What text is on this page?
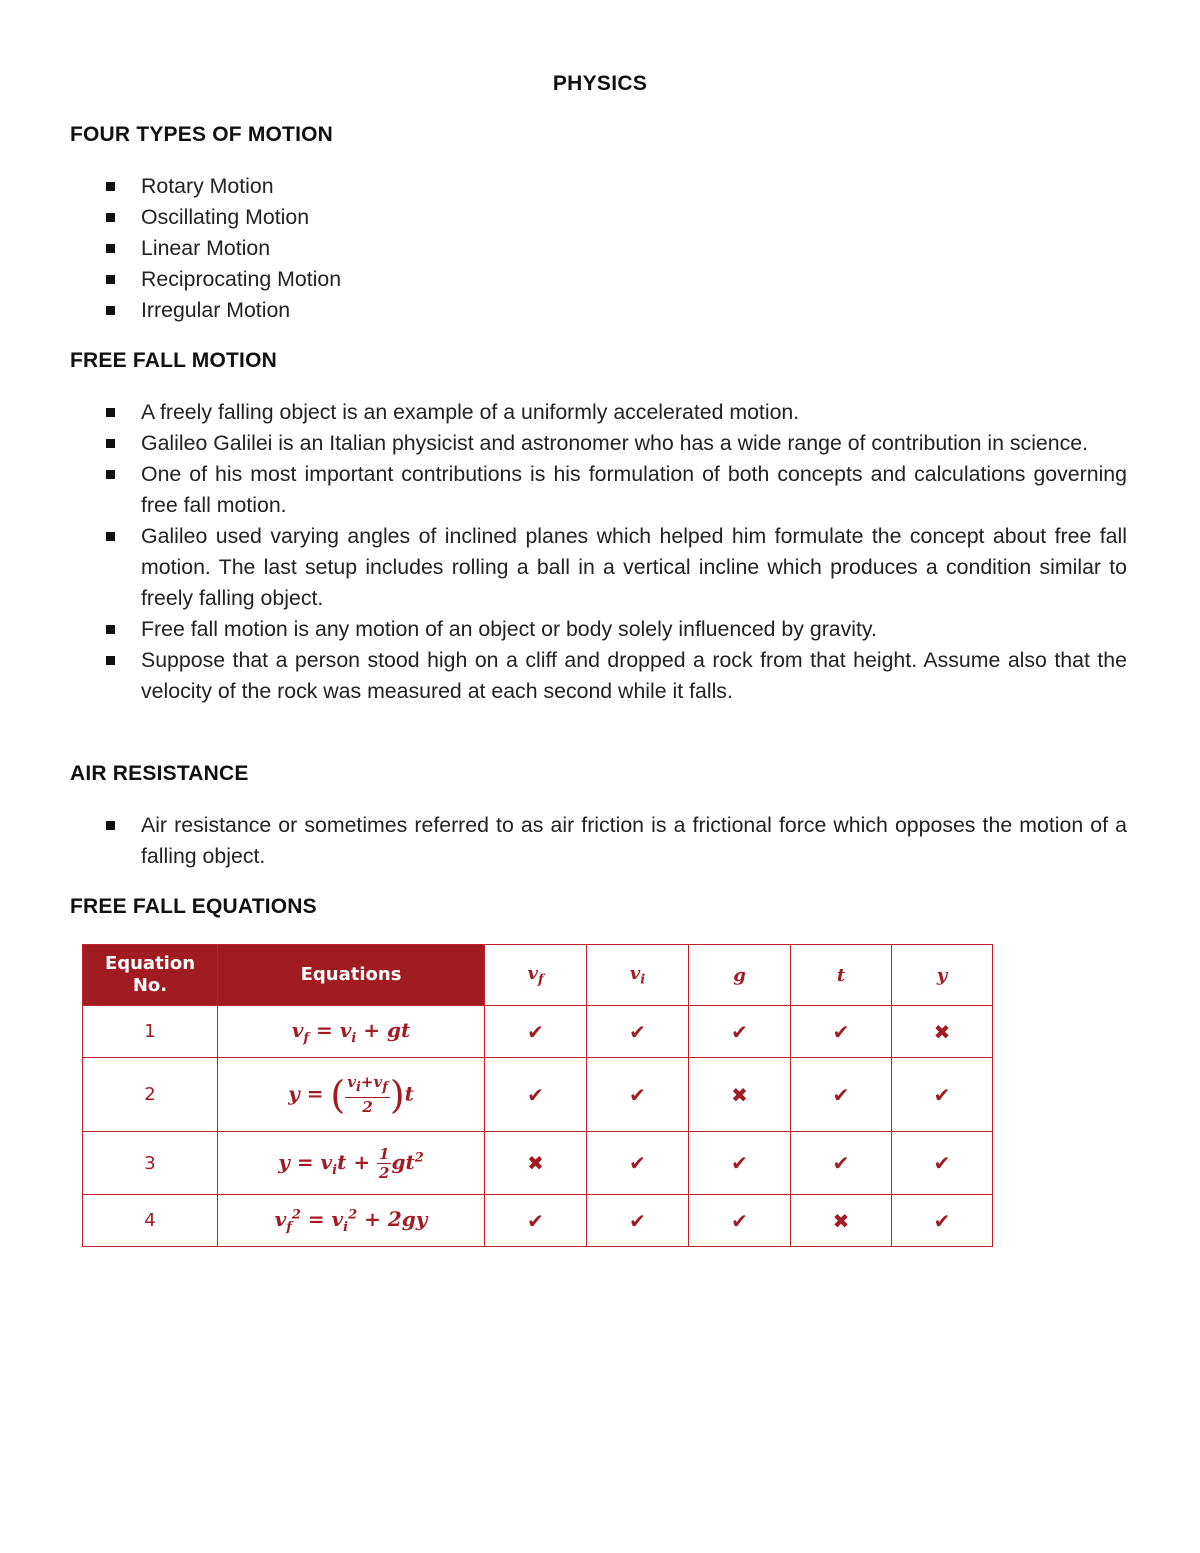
PHYSICS
FOUR TYPES OF MOTION
Rotary Motion
Oscillating Motion
Linear Motion
Reciprocating Motion
Irregular Motion
FREE FALL MOTION
A freely falling object is an example of a uniformly accelerated motion.
Galileo Galilei is an Italian physicist and astronomer who has a wide range of contribution in science.
One of his most important contributions is his formulation of both concepts and calculations governing free fall motion.
Galileo used varying angles of inclined planes which helped him formulate the concept about free fall motion. The last setup includes rolling a ball in a vertical incline which produces a condition similar to freely falling object.
Free fall motion is any motion of an object or body solely influenced by gravity.
Suppose that a person stood high on a cliff and dropped a rock from that height. Assume also that the velocity of the rock was measured at each second while it falls.
AIR RESISTANCE
Air resistance or sometimes referred to as air friction is a frictional force which opposes the motion of a falling object.
FREE FALL EQUATIONS
Equation
No.	Equations	$v_f$	$v_i$	g	t	y
1	$v_f = v_i$ + gt	✔	✔	✔	✔	✖
2	y = ( $\frac{v_i+v_f}{2} )t$	✔	✔	✖	✔	✔
3	$y = v_it + \frac{1}{2} gt^2$	✖	✔	✔	✔	✔
4	$v_f^2 = v_i^2 + 2gy$	✔	✔	✔	✖	✔
